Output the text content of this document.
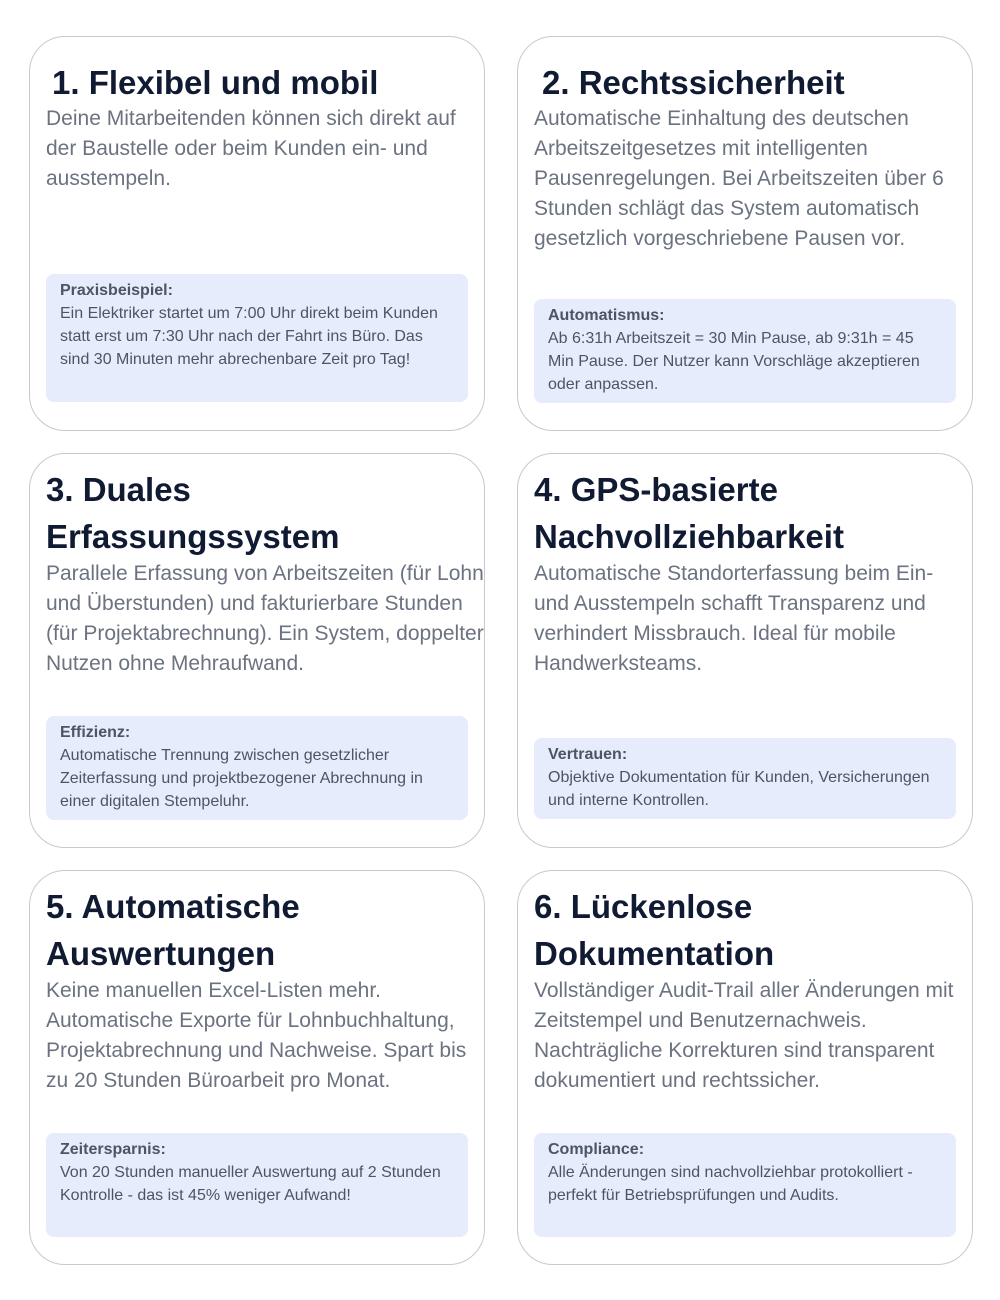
1. Flexibel und mobil

Deine Mitarbeitenden können sich direkt auf der Baustelle oder beim Kunden ein- und ausstempeln.

Praxisbeispiel:
Ein Elektriker startet um 7:00 Uhr direkt beim Kunden statt erst um 7:30 Uhr nach der Fahrt ins Büro. Das sind 30 Minuten mehr abrechenbare Zeit pro Tag!
2. Rechtssicherheit

Automatische Einhaltung des deutschen Arbeitszeitgesetzes mit intelligenten Pausenregelungen. Bei Arbeitszeiten über 6 Stunden schlägt das System automatisch gesetzlich vorgeschriebene Pausen vor.

Automatismus:
Ab 6:31h Arbeitszeit = 30 Min Pause, ab 9:31h = 45 Min Pause. Der Nutzer kann Vorschläge akzeptieren oder anpassen.
3. Duales Erfassungssystem

Parallele Erfassung von Arbeitszeiten (für Lohn und Überstunden) und fakturierbare Stunden (für Projektabrechnung). Ein System, doppelter Nutzen ohne Mehraufwand.

Effizienz:
Automatische Trennung zwischen gesetzlicher Zeiterfassung und projektbezogener Abrechnung in einer digitalen Stempeluhr.
4. GPS-basierte Nachvollziehbarkeit

Automatische Standorterfassung beim Ein- und Ausstempeln schafft Transparenz und verhindert Missbrauch. Ideal für mobile Handwerksteams.

Vertrauen:
Objektive Dokumentation für Kunden, Versicherungen und interne Kontrollen.
5. Automatische Auswertungen

Keine manuellen Excel-Listen mehr. Automatische Exporte für Lohnbuchhaltung, Projektabrechnung und Nachweise. Spart bis zu 20 Stunden Büroarbeit pro Monat.

Zeitersparnis:
Von 20 Stunden manueller Auswertung auf 2 Stunden Kontrolle - das ist 45% weniger Aufwand!
6. Lückenlose Dokumentation

Vollständiger Audit-Trail aller Änderungen mit Zeitstempel und Benutzernachweis. Nachträgliche Korrekturen sind transparent dokumentiert und rechtssicher.

Compliance:
Alle Änderungen sind nachvollziehbar protokolliert - perfekt für Betriebsprüfungen und Audits.
